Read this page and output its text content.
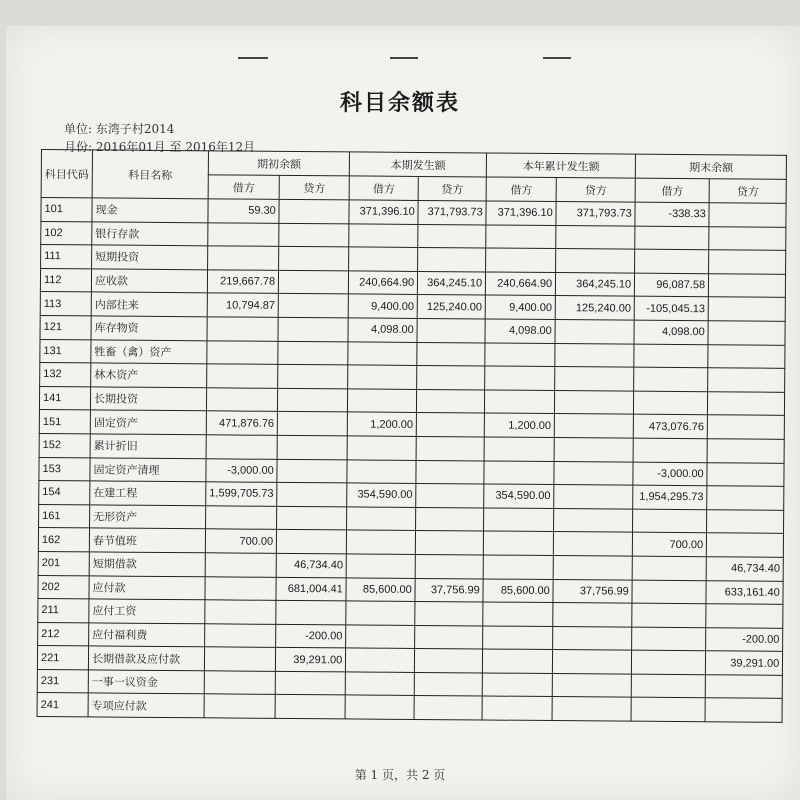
科目余额表
单位: 东湾子村2014
月份: 2016年01月 至 2016年12月
科目代码	科目名称	期初余额		本期发生额		本年累计发生额		期末余额	
		借方	贷方	借方	贷方	借方	贷方	借方	贷方
101	现金	59.30		371,396.10	371,793.73	371,396.10	371,793.73	-338.33	
102	银行存款								
111	短期投资								
112	应收款	219,667.78		240,664.90	364,245.10	240,664.90	364,245.10	96,087.58	
113	内部往来	10,794.87		9,400.00	125,240.00	9,400.00	125,240.00	-105,045.13	
121	库存物资			4,098.00		4,098.00		4,098.00	
131	牲畜（禽）资产								
132	林木资产								
141	长期投资								
151	固定资产	471,876.76		1,200.00		1,200.00		473,076.76	
152	累计折旧								
153	固定资产清理	-3,000.00						-3,000.00	
154	在建工程	1,599,705.73		354,590.00		354,590.00		1,954,295.73	
161	无形资产								
162	春节值班	700.00						700.00	
201	短期借款		46,734.40						46,734.40
202	应付款		681,004.41	85,600.00	37,756.99	85,600.00	37,756.99		633,161.40
211	应付工资								
212	应付福利费		-200.00						-200.00
221	长期借款及应付款		39,291.00						39,291.00
231	一事一议资金								
241	专项应付款								
第 1 页，共 2 页
